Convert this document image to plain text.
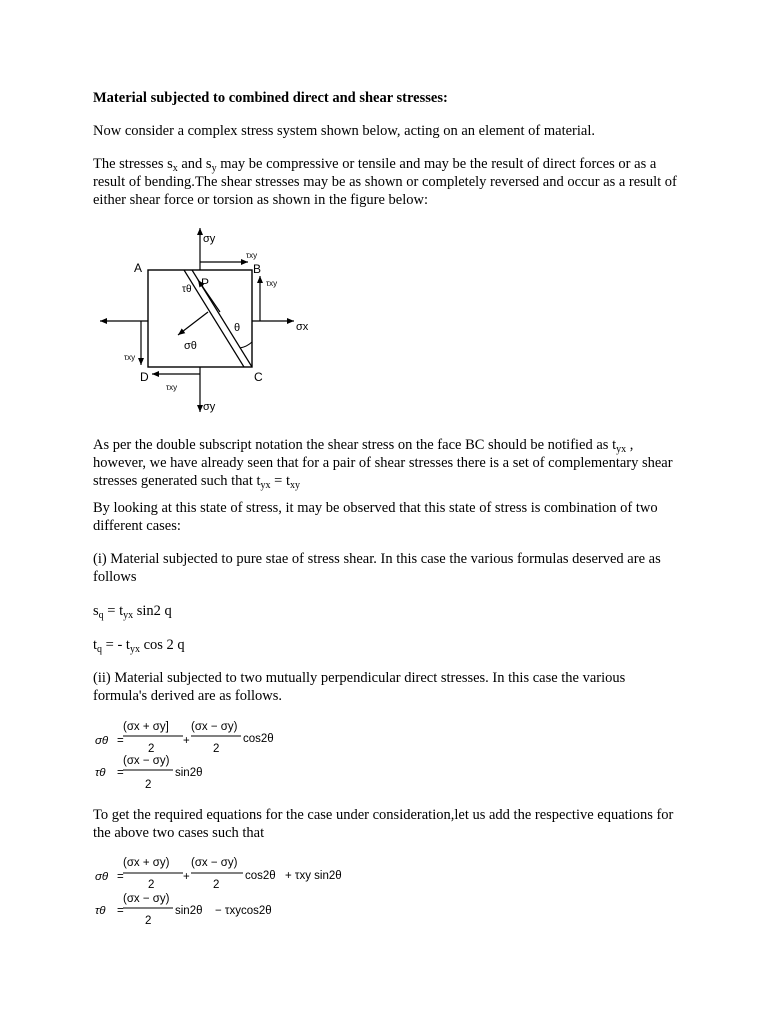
Material subjected to combined direct and shear stresses:
Now consider a complex stress system shown below, acting on an element of material.
The stresses $s_x$ and $s_y$ may be compressive or tensile and may be the result of direct forces or as a result of bending.The shear stresses may be as shown or completely reversed and occur as a result of either shear force or torsion as shown in the figure below:
A	B
C
D
P
σy
σy
σx
τxy
τxy
τxy
τxy
τθ
σθ
θ
As per the double subscript notation the shear stress on the face BC should be notified as $t_{yx}$ , however, we have already seen that for a pair of shear stresses there is a set of complementary shear stresses generated such that $t_{yx} = t_{xy}$
By looking at this state of stress, it may be observed that this state of stress is combination of two different cases:
(i) Material subjected to pure stae of stress shear. In this case the various formulas deserved are as follows
$s_q = t_{yx}$ sin2 q
$t_q$ = - $t_{yx}$ cos 2 q
(ii) Material subjected to two mutually perpendicular direct stresses. In this case the various formula's derived are as follows.
σθ =
(σx + σy]
2
+
(σx − σy)
2
cos2θ
τθ =
(σx − σy)
2
sin2θ
To get the required equations for the case under consideration,let us add the respective equations for the above two cases such that
σθ =
(σx + σy)
2
+
(σx − σy)
2
cos2θ + τxy sin2θ
τθ =
(σx − σy)
2
sin2θ − τxycos2θ
